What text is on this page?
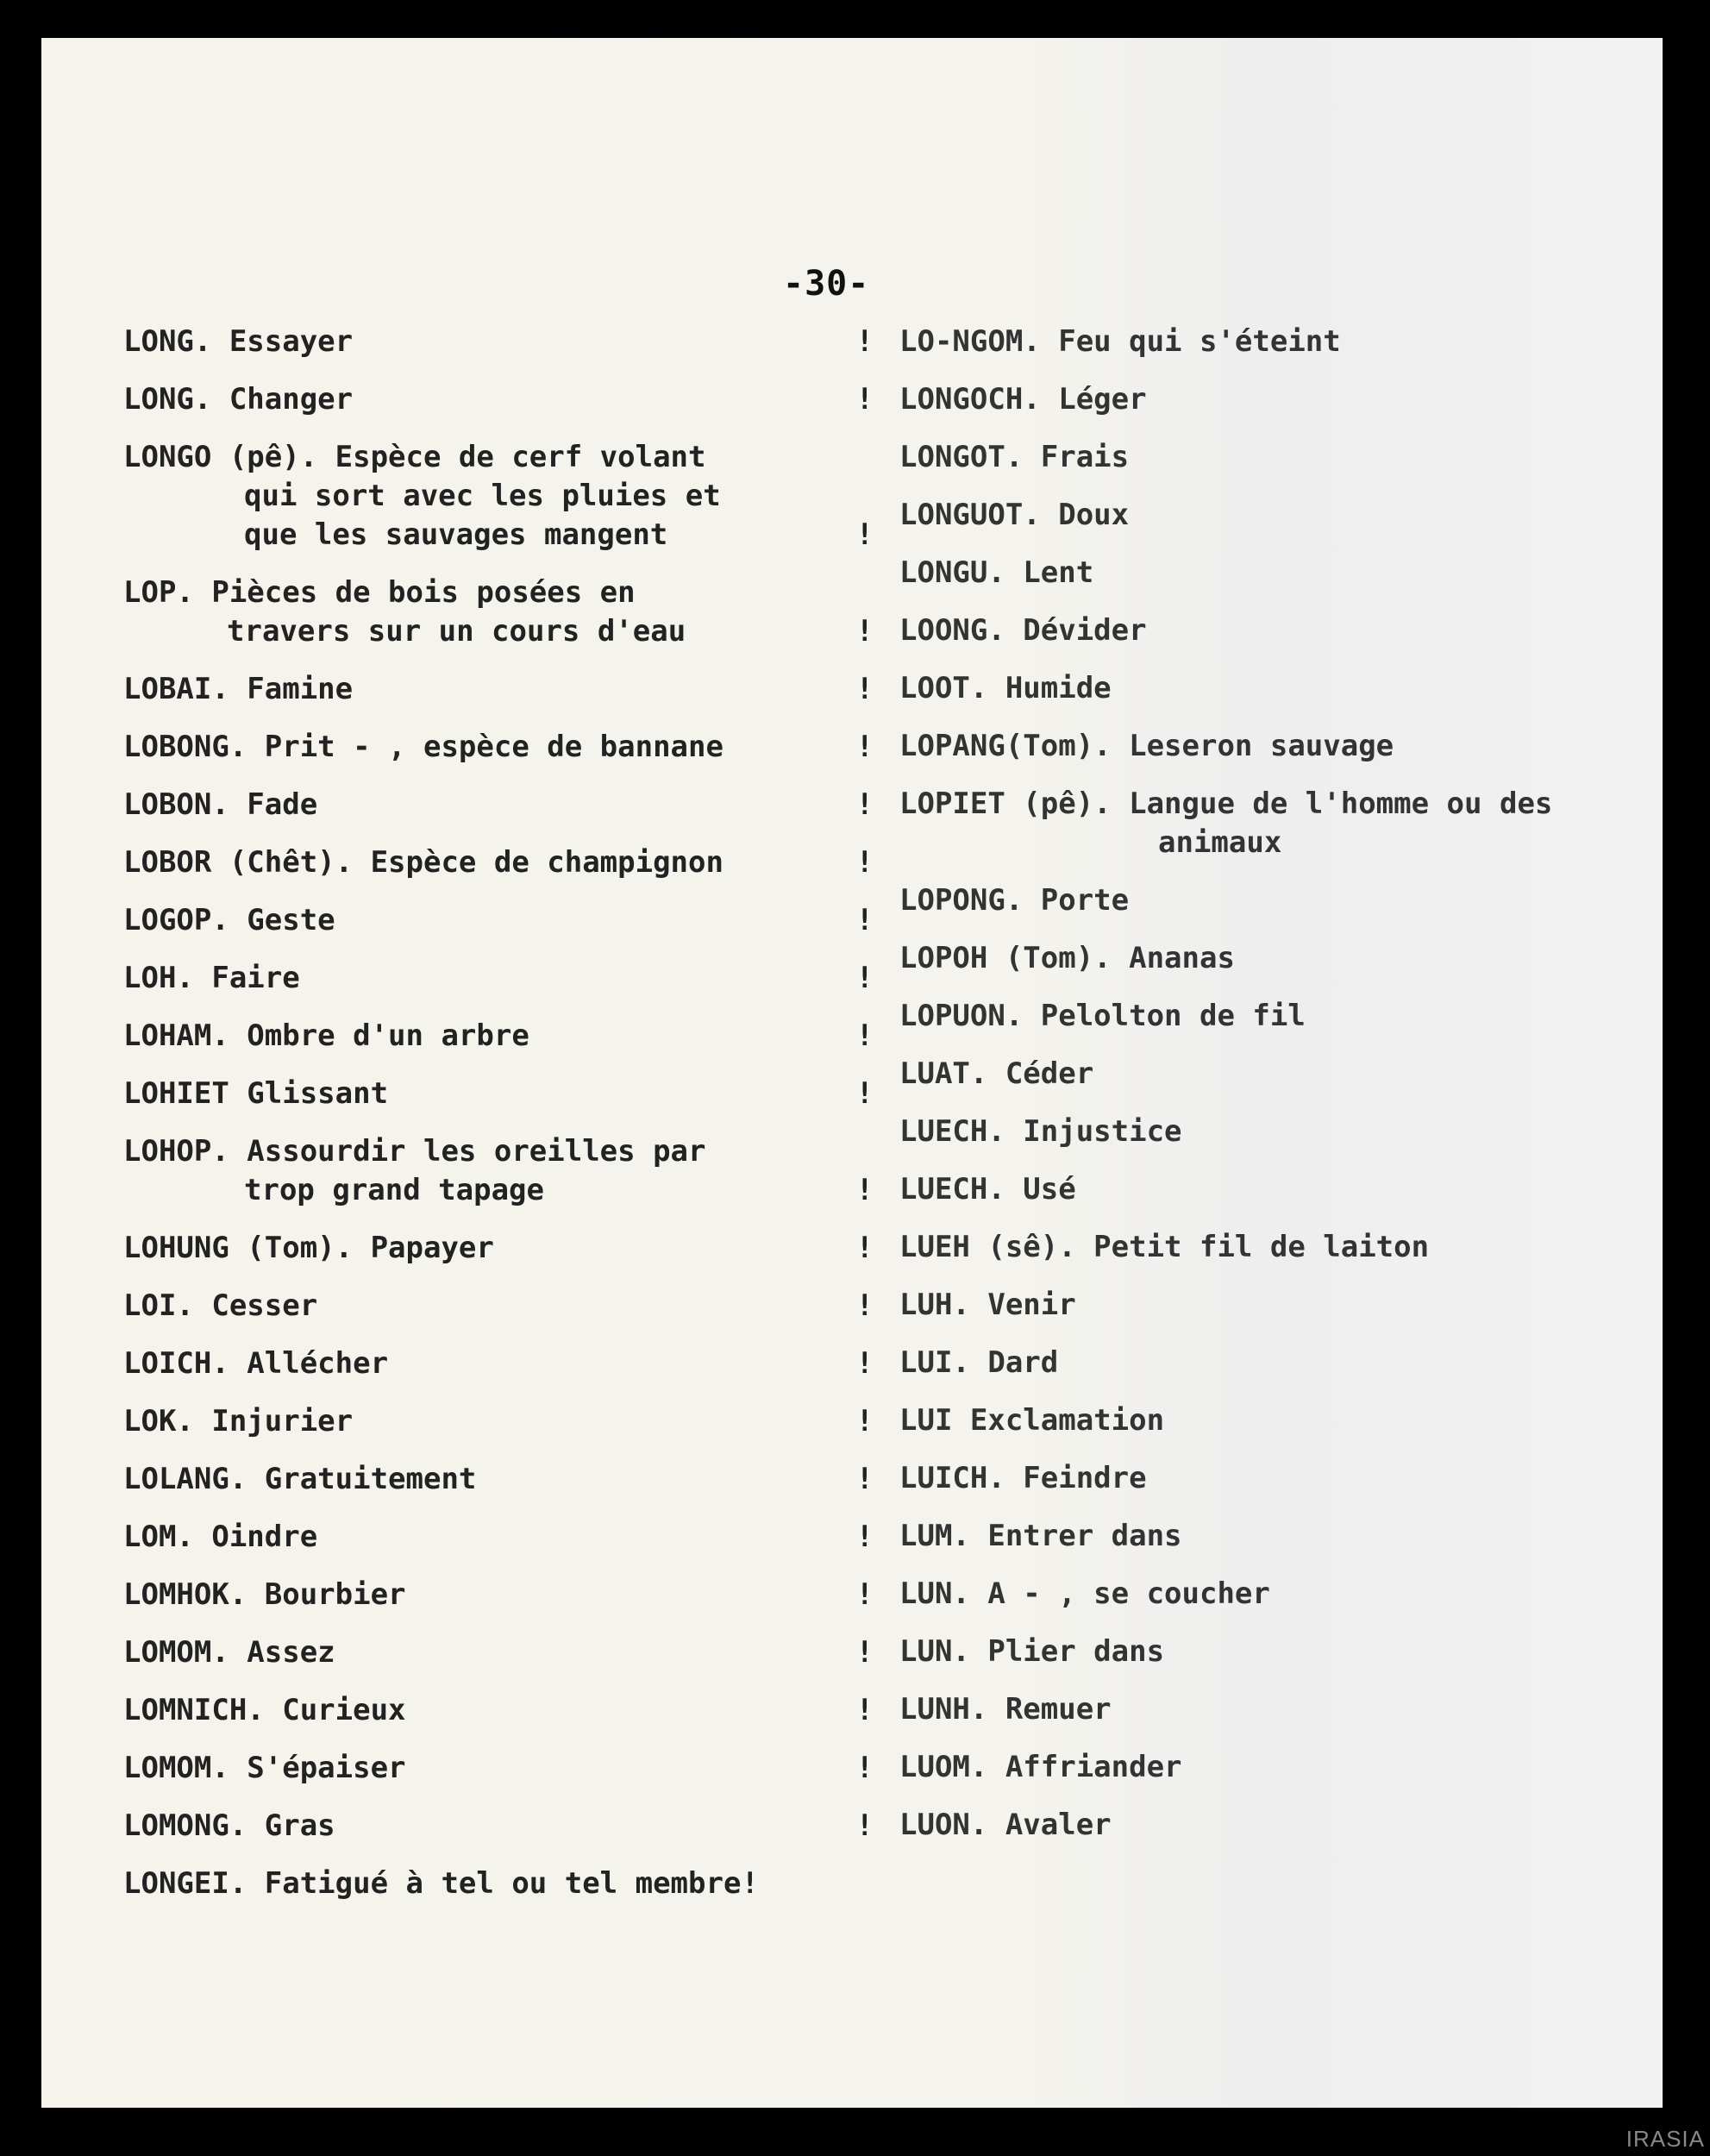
-30-
LONG. Essayer	!
LONG. Changer	!
LONGO (pê). Espèce de cerf volant
qui sort avec les pluies et
que les sauvages mangent	!
LOP. Pièces de bois posées en
travers sur un cours d'eau	!
LOBAI. Famine	!
LOBONG. Prit - , espèce de bannane	!
LOBON. Fade	!
LOBOR (Chêt). Espèce de champignon	!
LOGOP. Geste	!
LOH. Faire	!
LOHAM. Ombre d'un arbre	!
LOHIET Glissant	!
LOHOP. Assourdir les oreilles par
trop grand tapage	!
LOHUNG (Tom). Papayer	!
LOI. Cesser	!
LOICH. Allécher	!
LOK. Injurier	!
LOLANG. Gratuitement	!
LOM. Oindre	!
LOMHOK. Bourbier	!
LOMOM. Assez	!
LOMNICH. Curieux	!
LOMOM. S'épaiser	!
LOMONG. Gras	!
LONGEI. Fatigué à tel ou tel membre!
LO-NGOM. Feu qui s'éteint
LONGOCH. Léger
LONGOT. Frais
LONGUOT. Doux
LONGU. Lent
LOONG. Dévider
LOOT. Humide
LOPANG(Tom). Leseron sauvage
LOPIET (pê). Langue de l'homme ou des
animaux
LOPONG. Porte
LOPOH (Tom). Ananas
LOPUON. Pelolton de fil
LUAT. Céder
LUECH. Injustice
LUECH. Usé
LUEH (sê). Petit fil de laiton
LUH. Venir
LUI. Dard
LUI Exclamation
LUICH. Feindre
LUM. Entrer dans
LUN. A - , se coucher
LUN. Plier dans
LUNH. Remuer
LUOM. Affriander
LUON. Avaler
IRASIA
